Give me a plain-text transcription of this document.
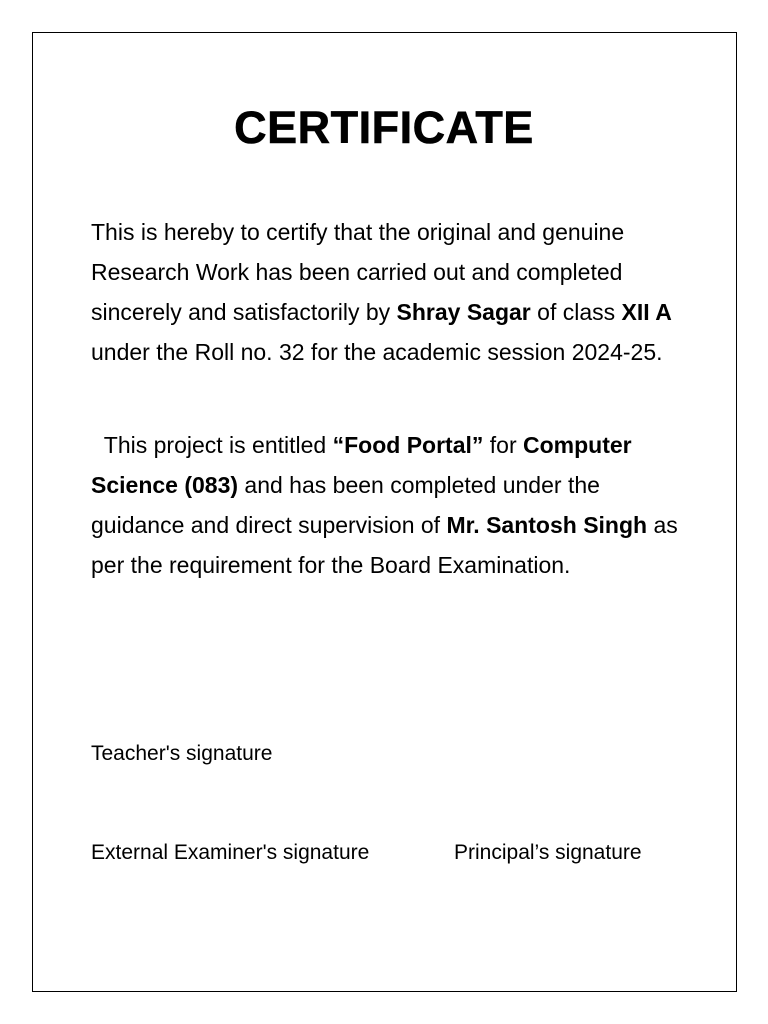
CERTIFICATE

This is hereby to certify that the original and genuine Research Work has been carried out and completed sincerely and satisfactorily by Shray Sagar of class XII A under the Roll no. 32 for the academic session 2024-25.

This project is entitled “Food Portal” for Computer Science (083) and has been completed under the guidance and direct supervision of Mr. Santosh Singh as per the requirement for the Board Examination.

Teacher's signature
External Examiner's signature	Principal’s signature
